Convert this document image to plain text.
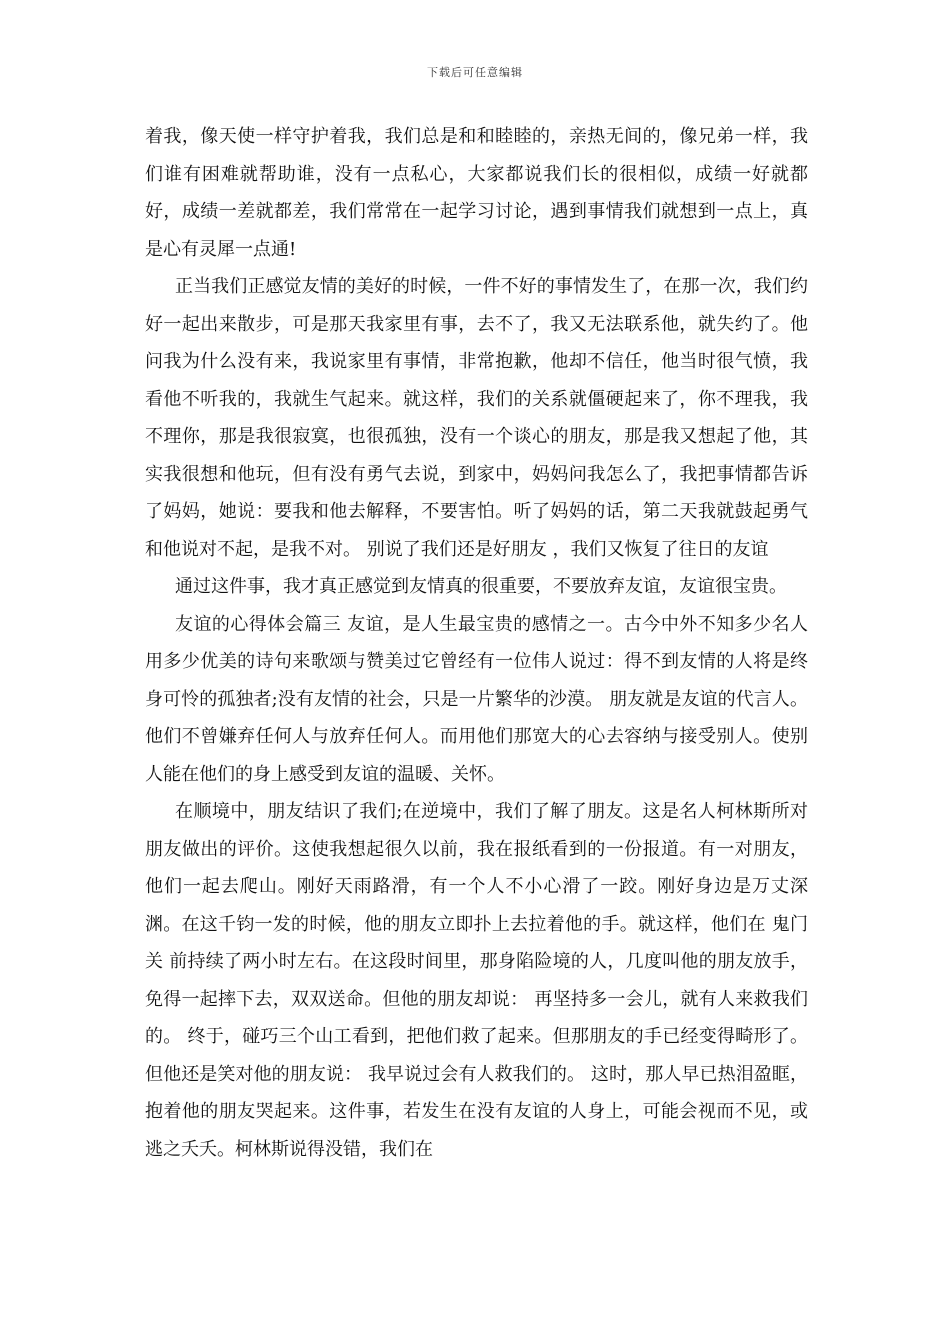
下载后可任意编辑

着我，像天使一样守护着我，我们总是和和睦睦的，亲热无间的，像兄弟一样，我们谁有困难就帮助谁，没有一点私心，大家都说我们长的很相似，成绩一好就都好，成绩一差就都差，我们常常在一起学习讨论，遇到事情我们就想到一点上，真是心有灵犀一点通!

正当我们正感觉友情的美好的时候，一件不好的事情发生了，在那一次，我们约好一起出来散步，可是那天我家里有事，去不了，我又无法联系他，就失约了。他问我为什么没有来，我说家里有事情，非常抱歉，他却不信任，他当时很气愤，我看他不听我的，我就生气起来。就这样，我们的关系就僵硬起来了，你不理我，我不理你，那是我很寂寞，也很孤独，没有一个谈心的朋友，那是我又想起了他，其实我很想和他玩，但有没有勇气去说，到家中，妈妈问我怎么了，我把事情都告诉了妈妈，她说：要我和他去解释，不要害怕。听了妈妈的话，第二天我就鼓起勇气和他说对不起，是我不对。 别说了我们还是好朋友 ，我们又恢复了往日的友谊

通过这件事，我才真正感觉到友情真的很重要，不要放弃友谊，友谊很宝贵。

友谊的心得体会篇三 友谊，是人生最宝贵的感情之一。古今中外不知多少名人用多少优美的诗句来歌颂与赞美过它曾经有一位伟人说过：得不到友情的人将是终身可怜的孤独者;没有友情的社会，只是一片繁华的沙漠。 朋友就是友谊的代言人。他们不曾嫌弃任何人与放弃任何人。而用他们那宽大的心去容纳与接受别人。使别人能在他们的身上感受到友谊的温暖、关怀。

在顺境中，朋友结识了我们;在逆境中，我们了解了朋友。这是名人柯林斯所对朋友做出的评价。这使我想起很久以前，我在报纸看到的一份报道。有一对朋友，他们一起去爬山。刚好天雨路滑，有一个人不小心滑了一跤。刚好身边是万丈深渊。在这千钧一发的时候，他的朋友立即扑上去拉着他的手。就这样，他们在 鬼门关 前持续了两小时左右。在这段时间里，那身陷险境的人，几度叫他的朋友放手，免得一起摔下去，双双送命。但他的朋友却说： 再坚持多一会儿，就有人来救我们的。 终于，碰巧三个山工看到，把他们救了起来。但那朋友的手已经变得畸形了。但他还是笑对他的朋友说： 我早说过会有人救我们的。 这时，那人早已热泪盈眶，抱着他的朋友哭起来。这件事，若发生在没有友谊的人身上，可能会视而不见，或逃之夭夭。柯林斯说得没错，我们在
